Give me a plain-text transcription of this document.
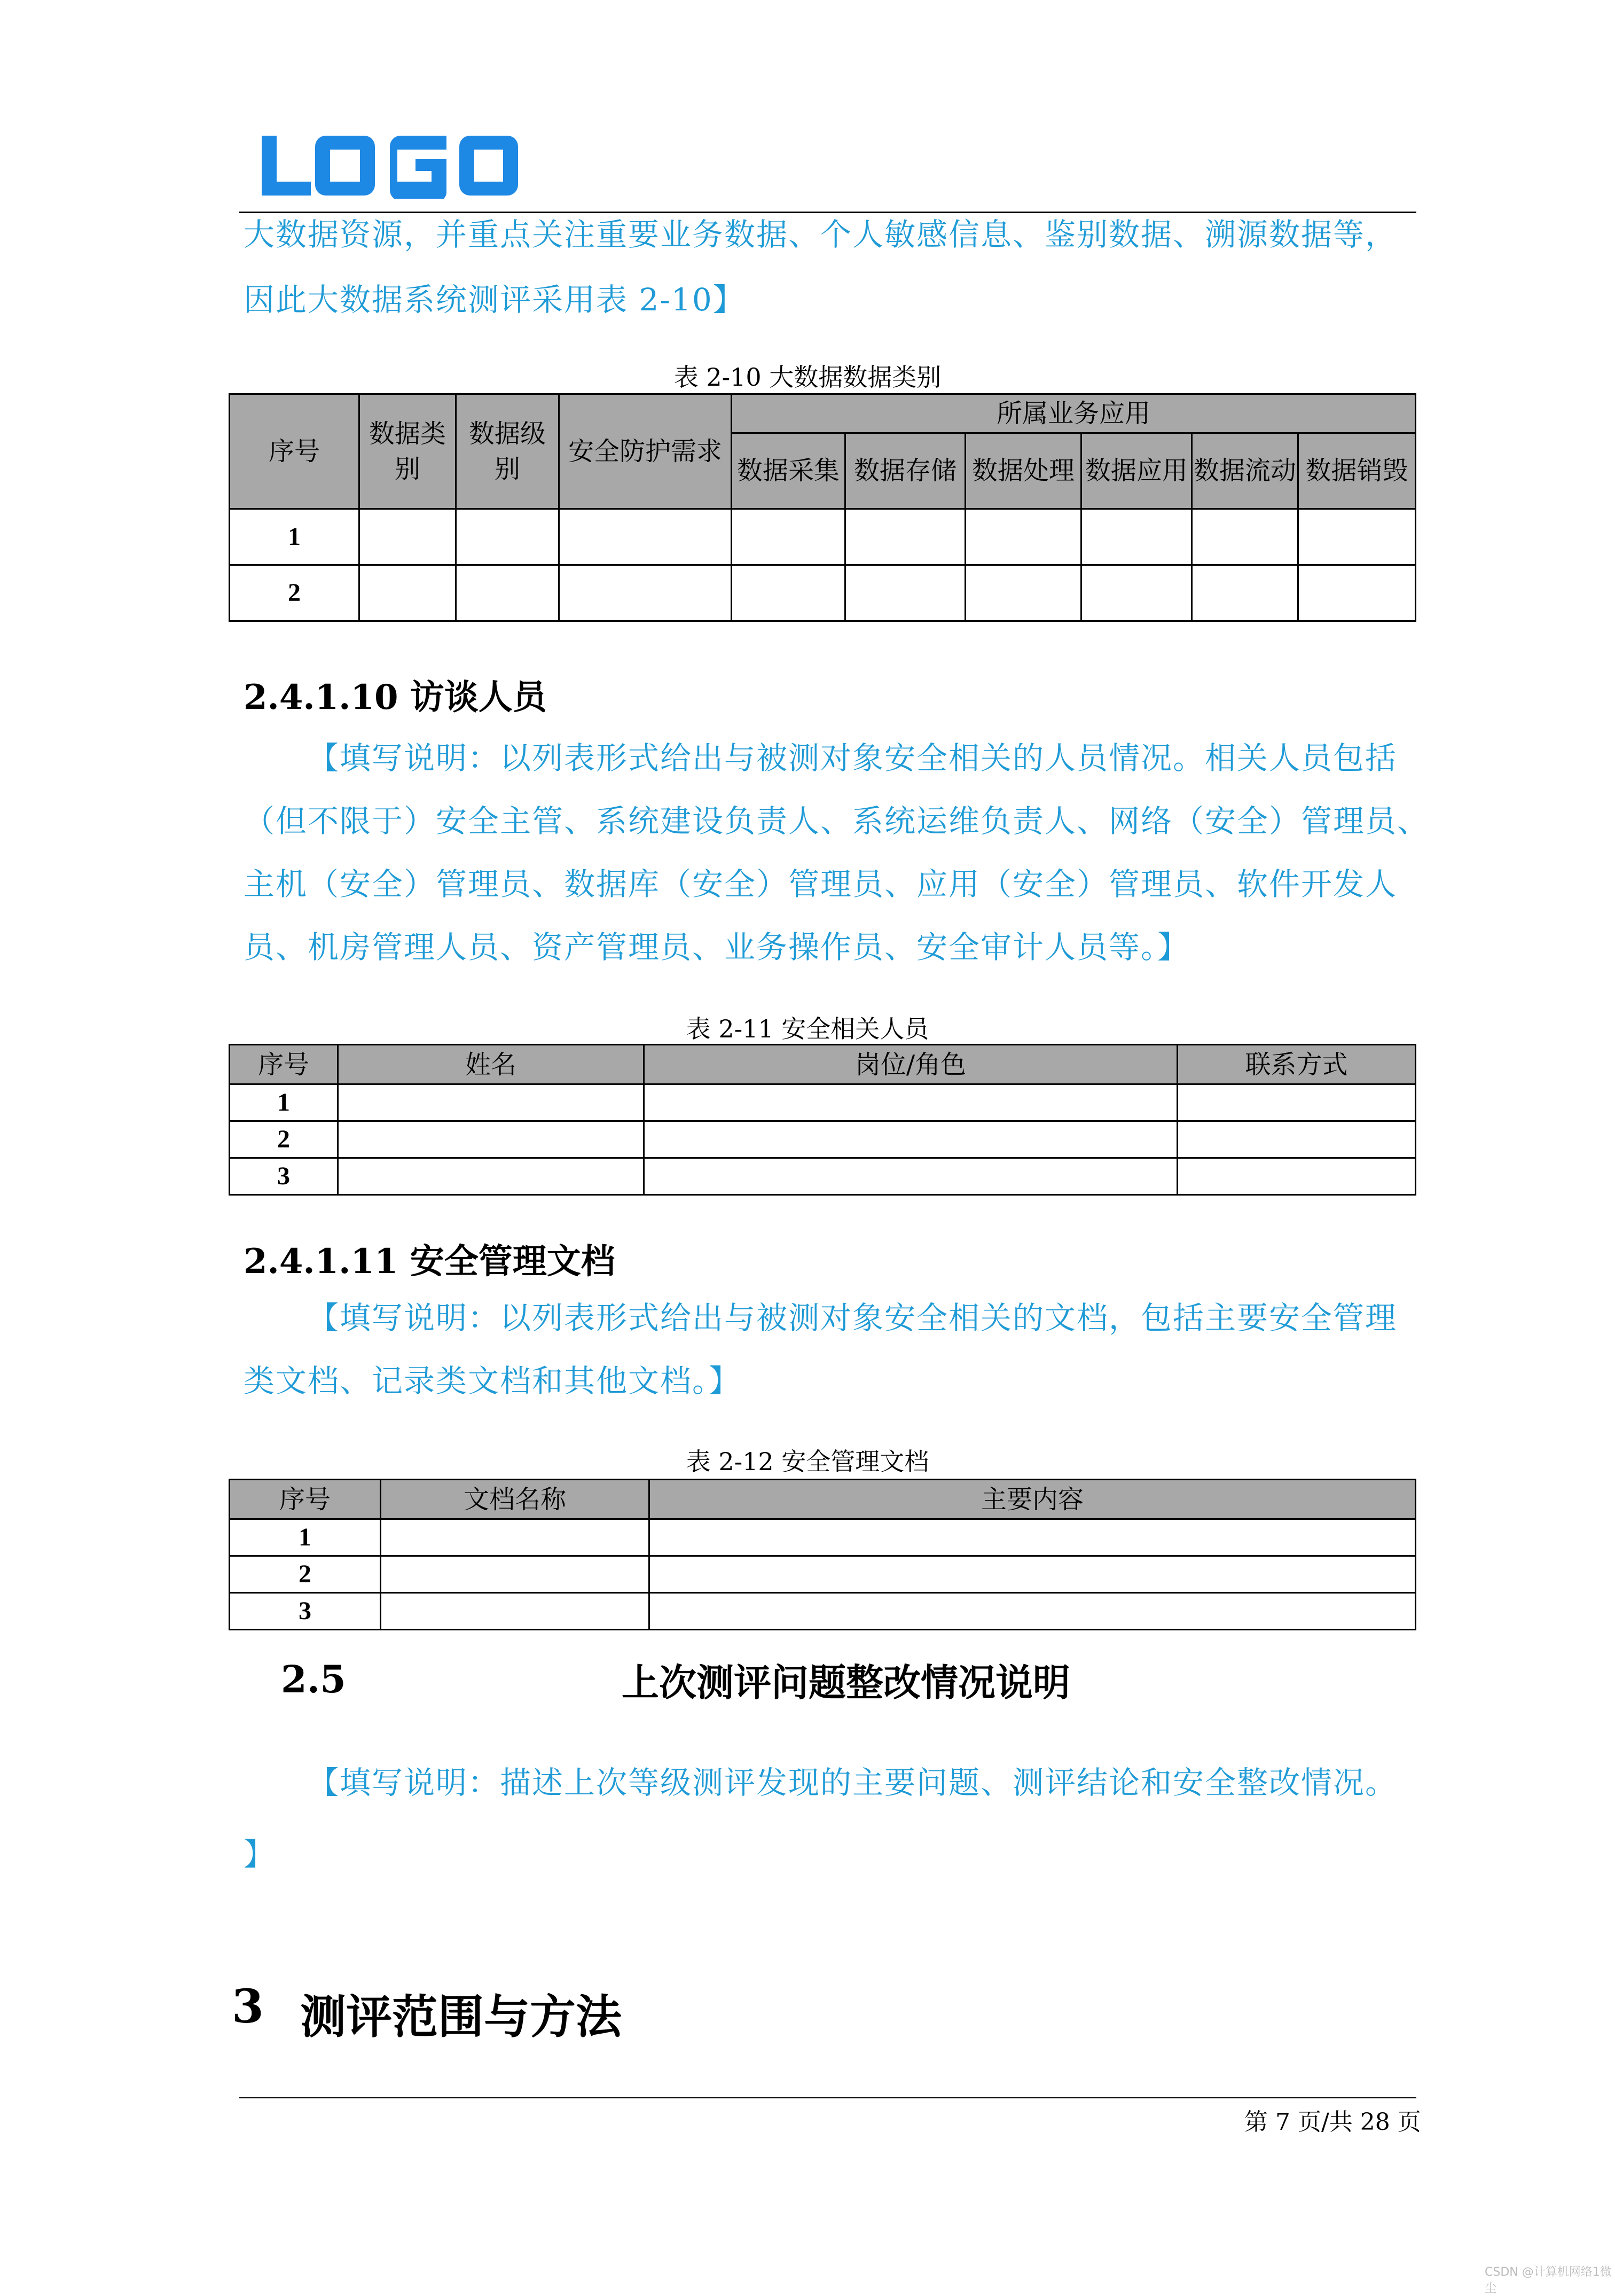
大数据资源，并重点关注重要业务数据、个人敏感信息、鉴别数据、溯源数据等，
因此大数据系统测评采用表 2-10】
表 2-10 大数据数据类别
序号	数据类别	数据级别	安全防护需求	所属业务应用					
				数据采集	数据存储	数据处理	数据应用	数据流动	数据销毁
1									
2									
2.4.1.10 访谈人员
【填写说明：以列表形式给出与被测对象安全相关的人员情况。相关人员包括
（但不限于）安全主管、系统建设负责人、系统运维负责人、网络（安全）管理员、
主机（安全）管理员、数据库（安全）管理员、应用（安全）管理员、软件开发人
员、机房管理人员、资产管理员、业务操作员、安全审计人员等。】
表 2-11 安全相关人员
序号	姓名	岗位/角色	联系方式
1			
2			
3			
2.4.1.11 安全管理文档
【填写说明：以列表形式给出与被测对象安全相关的文档，包括主要安全管理
类文档、记录类文档和其他文档。】
表 2-12 安全管理文档
序号	文档名称	主要内容
1		
2		
3		
2.5	上次测评问题整改情况说明
【填写说明：描述上次等级测评发现的主要问题、测评结论和安全整改情况。
】
3 测评范围与方法
第 7 页/共 28 页
CSDN @计算机网络1微尘
